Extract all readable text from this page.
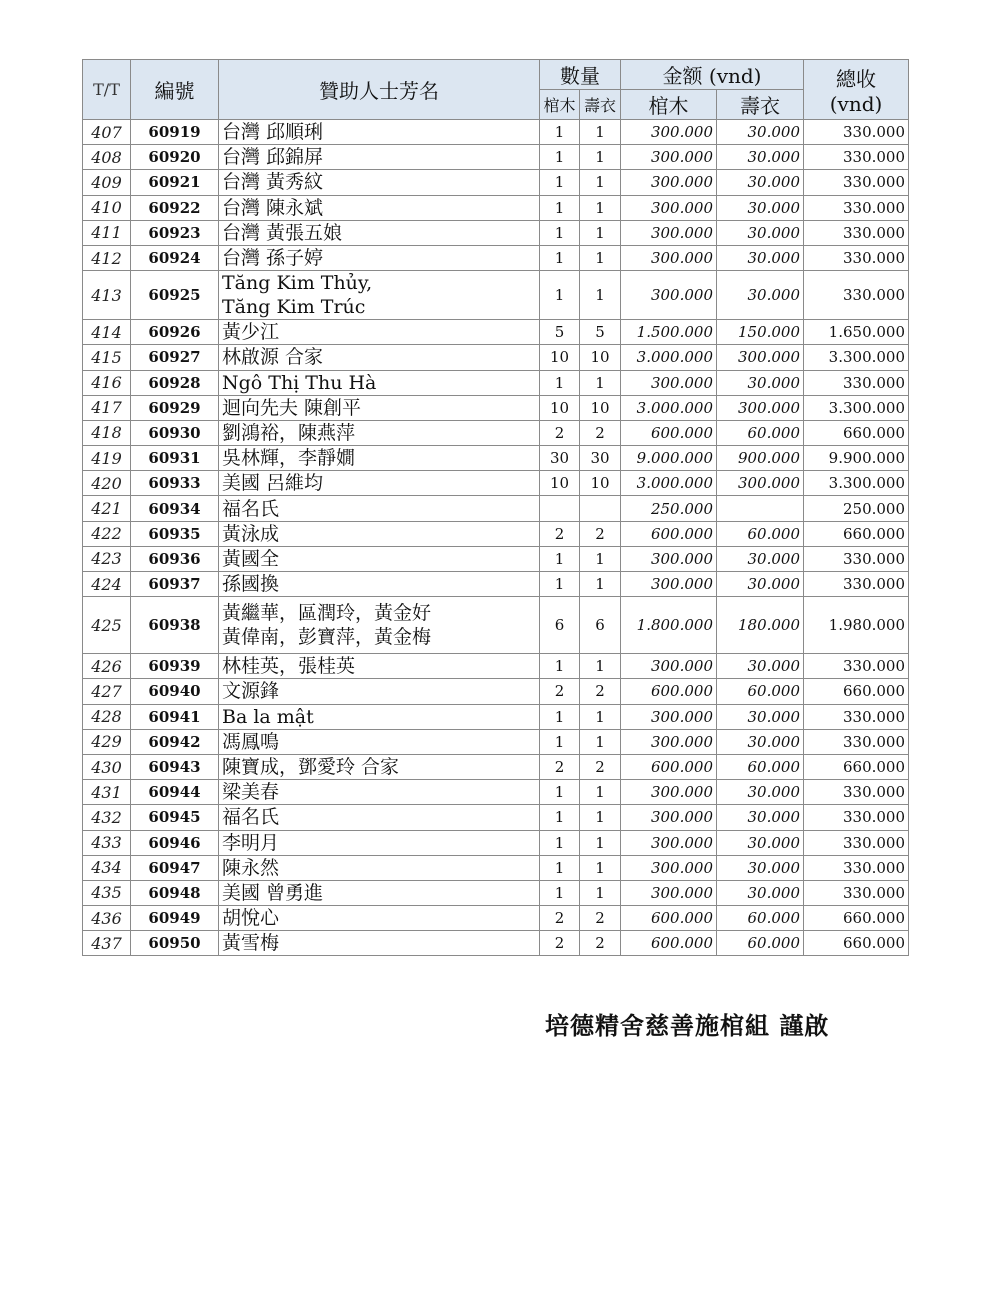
T/T	編號	贊助人士芳名	數量		金额 (vnd)		總收
(vnd)

			棺木	壽衣	棺木	壽衣	
407	60919	台灣 邱順琍	1	1	300.000	30.000	330.000
408	60920	台灣 邱錦屏	1	1	300.000	30.000	330.000
409	60921	台灣 黃秀紋	1	1	300.000	30.000	330.000
410	60922	台灣 陳永斌	1	1	300.000	30.000	330.000
411	60923	台灣 黃張五娘	1	1	300.000	30.000	330.000
412	60924	台灣 孫子婷	1	1	300.000	30.000	330.000
413	60925	Tăng Kim Thủy,
Tăng Kim Trúc	1	1	300.000	30.000	330.000
414	60926	黃少江	5	5	1.500.000	150.000	1.650.000
415	60927	林啟源 合家	10	10	3.000.000	300.000	3.300.000
416	60928	Ngô Thị Thu Hà	1	1	300.000	30.000	330.000
417	60929	迴向先夫 陳創平	10	10	3.000.000	300.000	3.300.000
418	60930	劉鴻裕，陳燕萍	2	2	600.000	60.000	660.000
419	60931	吳林輝，李靜嫺	30	30	9.000.000	900.000	9.900.000
420	60933	美國 呂維均	10	10	3.000.000	300.000	3.300.000
421	60934	福名氏			250.000		250.000
422	60935	黃泳成	2	2	600.000	60.000	660.000
423	60936	黃國全	1	1	300.000	30.000	330.000
424	60937	孫國換	1	1	300.000	30.000	330.000
425	60938	黃繼華，區潤玲，黃金好
黃偉南，彭寶萍，黃金梅	6	6	1.800.000	180.000	1.980.000
426	60939	林桂英，張桂英	1	1	300.000	30.000	330.000
427	60940	文源鋒	2	2	600.000	60.000	660.000
428	60941	Ba la mật	1	1	300.000	30.000	330.000
429	60942	馮鳳鳴	1	1	300.000	30.000	330.000
430	60943	陳寶成，鄧愛玲 合家	2	2	600.000	60.000	660.000
431	60944	梁美春	1	1	300.000	30.000	330.000
432	60945	福名氏	1	1	300.000	30.000	330.000
433	60946	李明月	1	1	300.000	30.000	330.000
434	60947	陳永然	1	1	300.000	30.000	330.000
435	60948	美國 曾勇進	1	1	300.000	30.000	330.000
436	60949	胡悅心	2	2	600.000	60.000	660.000
437	60950	黃雪梅	2	2	600.000	60.000	660.000
培德精舍慈善施棺組 謹啟
